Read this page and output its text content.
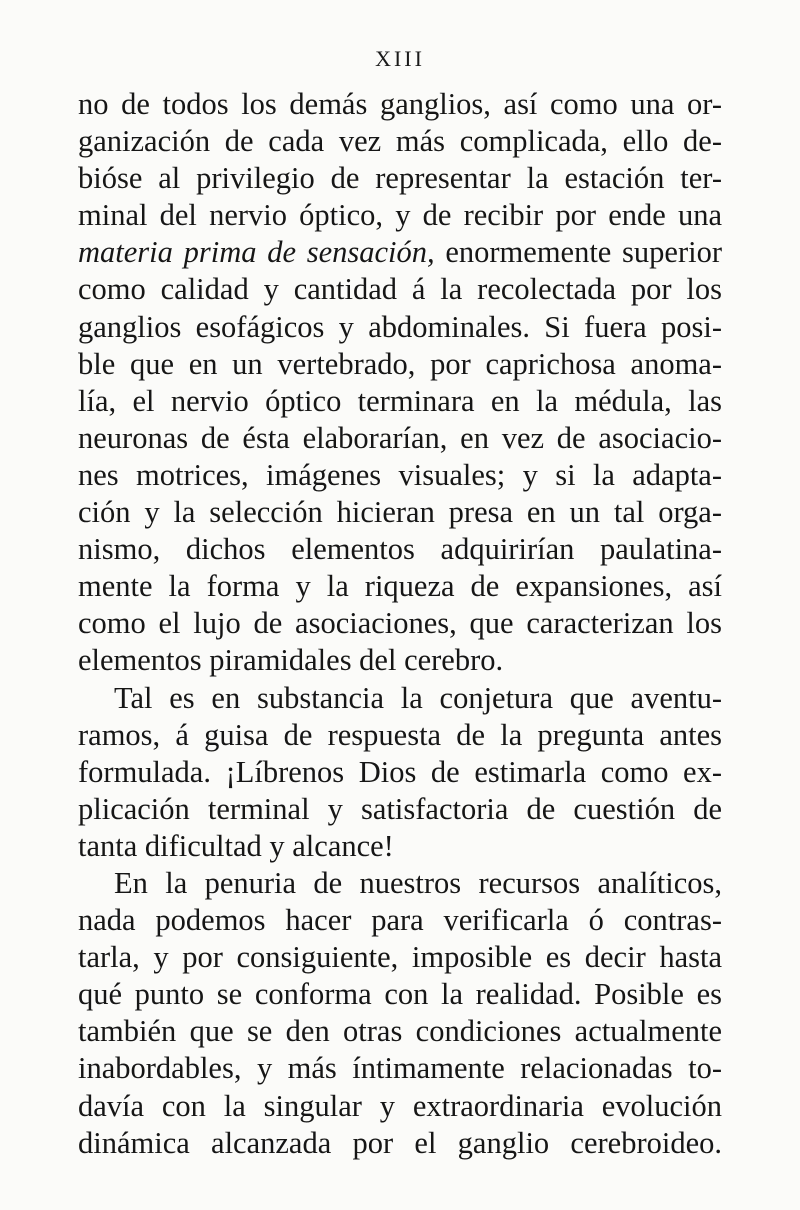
XIII
no de todos los demás ganglios, así como una or-
ganización de cada vez más complicada, ello de-
bióse al privilegio de representar la estación ter-
minal del nervio óptico, y de recibir por ende una
materia prima de sensación, enormemente superior
como calidad y cantidad á la recolectada por los
ganglios esofágicos y abdominales. Si fuera posi-
ble que en un vertebrado, por caprichosa anoma-
lía, el nervio óptico terminara en la médula, las
neuronas de ésta elaborarían, en vez de asociacio-
nes motrices, imágenes visuales; y si la adapta-
ción y la selección hicieran presa en un tal orga-
nismo, dichos elementos adquirirían paulatina-
mente la forma y la riqueza de expansiones, así
como el lujo de asociaciones, que caracterizan los
elementos piramidales del cerebro.
Tal es en substancia la conjetura que aventu-
ramos, á guisa de respuesta de la pregunta antes
formulada. ¡Líbrenos Dios de estimarla como ex-
plicación terminal y satisfactoria de cuestión de
tanta dificultad y alcance!
En la penuria de nuestros recursos analíticos,
nada podemos hacer para verificarla ó contras-
tarla, y por consiguiente, imposible es decir hasta
qué punto se conforma con la realidad. Posible es
también que se den otras condiciones actualmente
inabordables, y más íntimamente relacionadas to-
davía con la singular y extraordinaria evolución
dinámica alcanzada por el ganglio cerebroideo.
